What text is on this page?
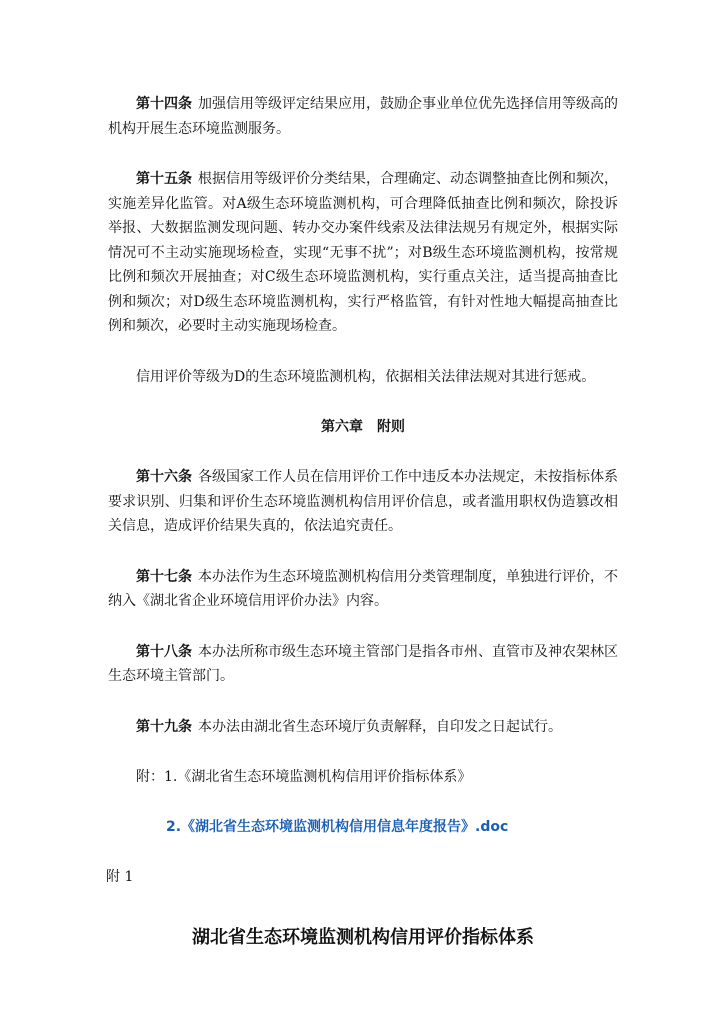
第十四条 加强信用等级评定结果应用，鼓励企事业单位优先选择信用等级高的机构开展生态环境监测服务。

第十五条 根据信用等级评价分类结果，合理确定、动态调整抽查比例和频次，实施差异化监管。对A级生态环境监测机构，可合理降低抽查比例和频次，除投诉举报、大数据监测发现问题、转办交办案件线索及法律法规另有规定外，根据实际情况可不主动实施现场检查，实现“无事不扰”；对B级生态环境监测机构，按常规比例和频次开展抽查；对C级生态环境监测机构，实行重点关注，适当提高抽查比例和频次；对D级生态环境监测机构，实行严格监管，有针对性地大幅提高抽查比例和频次，必要时主动实施现场检查。

信用评价等级为D的生态环境监测机构，依据相关法律法规对其进行惩戒。

第六章　附则

第十六条 各级国家工作人员在信用评价工作中违反本办法规定，未按指标体系要求识别、归集和评价生态环境监测机构信用评价信息，或者滥用职权伪造篡改相关信息，造成评价结果失真的，依法追究责任。

第十七条 本办法作为生态环境监测机构信用分类管理制度，单独进行评价，不纳入《湖北省企业环境信用评价办法》内容。

第十八条 本办法所称市级生态环境主管部门是指各市州、直管市及神农架林区生态环境主管部门。

第十九条 本办法由湖北省生态环境厅负责解释，自印发之日起试行。

附：1.《湖北省生态环境监测机构信用评价指标体系》

2.《湖北省生态环境监测机构信用信息年度报告》.doc

附 1

湖北省生态环境监测机构信用评价指标体系
